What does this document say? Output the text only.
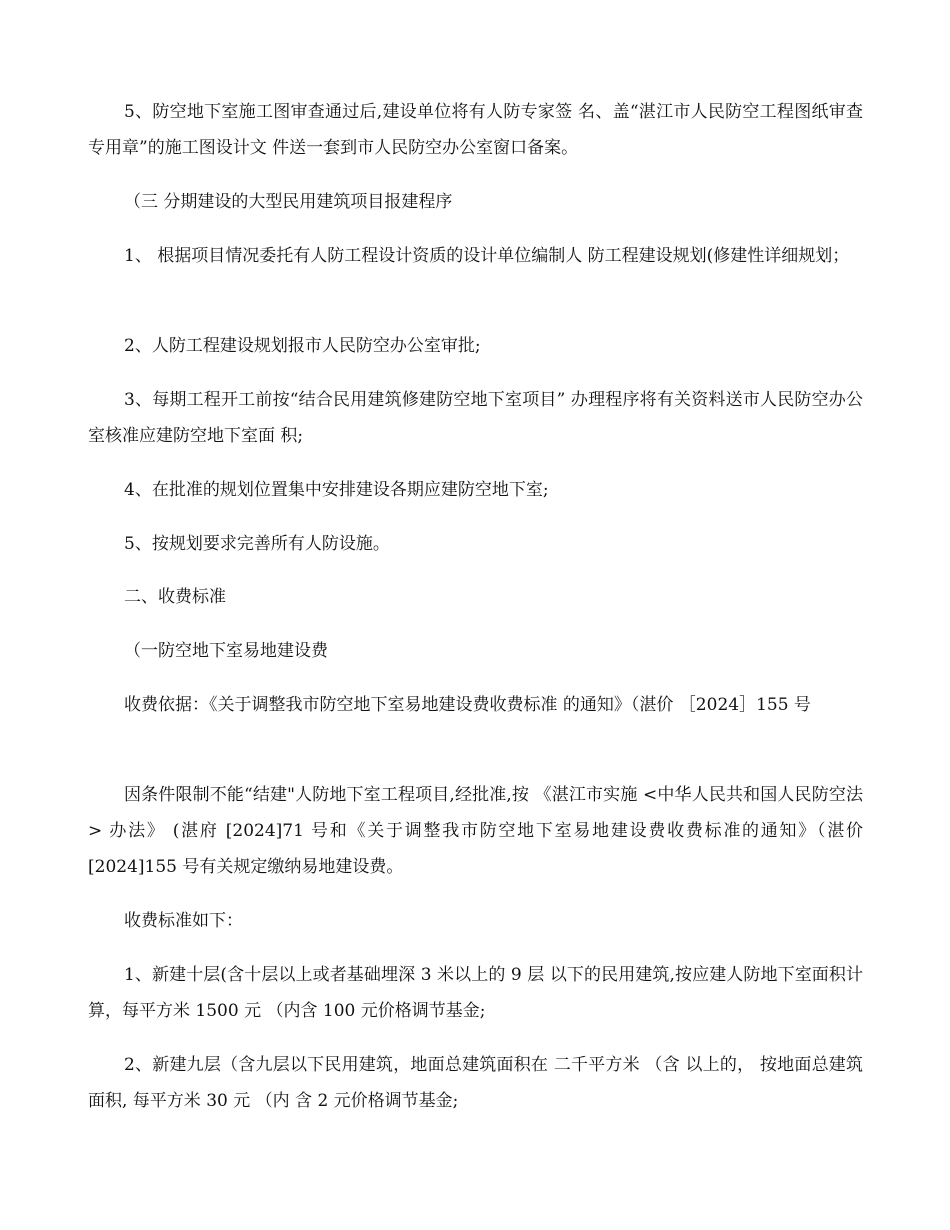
5、防空地下室施工图审查通过后,建设单位将有人防专家签 名、盖“湛江市人民防空工程图纸审查专用章”的施工图设计文 件送一套到市人民防空办公室窗口备案。

（三 分期建设的大型民用建筑项目报建程序

1、 根据项目情况委托有人防工程设计资质的设计单位编制人 防工程建设规划(修建性详细规划；

2、人防工程建设规划报市人民防空办公室审批;

3、每期工程开工前按“结合民用建筑修建防空地下室项目” 办理程序将有关资料送市人民防空办公室核准应建防空地下室面 积;

4、在批准的规划位置集中安排建设各期应建防空地下室;

5、按规划要求完善所有人防设施。

二、收费标准

（一防空地下室易地建设费

收费依据：《关于调整我市防空地下室易地建设费收费标准 的通知》（湛价 ［2024］155 号

因条件限制不能“结建"人防地下室工程项目,经批准,按 《湛江市实施 <中华人民共和国人民防空法> 办法》 (湛府 [2024]71 号和《关于调整我市防空地下室易地建设费收费标准的通知》（湛价 [2024]155 号有关规定缴纳易地建设费。

收费标准如下：

1、新建十层(含十层以上或者基础埋深 3 米以上的 9 层 以下的民用建筑,按应建人防地下室面积计算，每平方米 1500 元 （内含 100 元价格调节基金;

2、新建九层（含九层以下民用建筑，地面总建筑面积在 二千平方米 （含 以上的， 按地面总建筑面积, 每平方米 30 元 （内 含 2 元价格调节基金;
